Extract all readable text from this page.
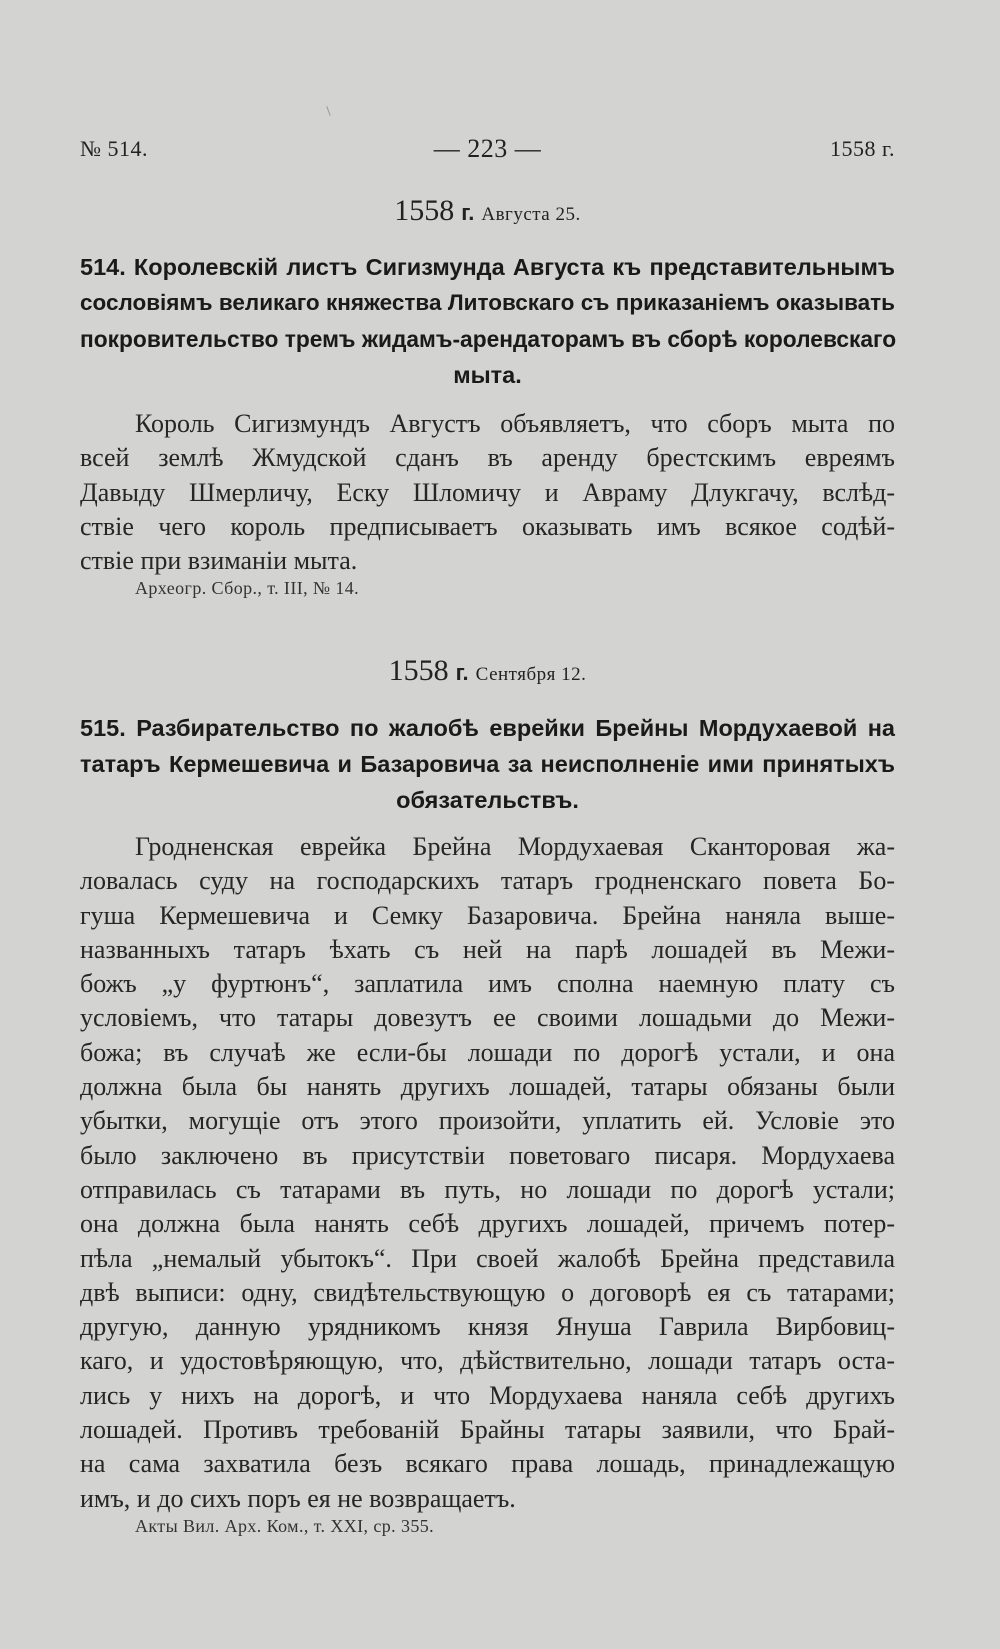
№ 514.	— 223 —	1558 г.
1558 г. Августа 25.
514. Королевскій листъ Сигизмунда Августа къ представительнымъ
сословіямъ великаго княжества Литовскаго съ приказаніемъ оказывать
покровительство тремъ жидамъ-арендаторамъ въ сборѣ королевскаго
мыта.
Король Сигизмундъ Августъ объявляетъ, что сборъ мыта по
всей землѣ Жмудской сданъ въ аренду брестскимъ евреямъ
Давыду Шмерличу, Еску Шломичу и Авраму Длукгачу, вслѣд-
ствіе чего король предписываетъ оказывать имъ всякое содѣй-
ствіе при взиманіи мыта.
Археогр. Сбор., т. III, № 14.
1558 г. Сентября 12.
515. Разбирательство по жалобѣ еврейки Брейны Мордухаевой на
татаръ Кермешевича и Базаровича за неисполненіе ими принятыхъ
обязательствъ.
Гродненская еврейка Брейна Мордухаевая Сканторовая жа-
ловалась суду на господарскихъ татаръ гродненскаго повета Бо-
гуша Кермешевича и Семку Базаровича. Брейна наняла выше-
названныхъ татаръ ѣхать съ ней на парѣ лошадей въ Межи-
божъ „у фуртюнъ“, заплатила имъ сполна наемную плату съ
условіемъ, что татары довезутъ ее своими лошадьми до Межи-
божа; въ случаѣ же если-бы лошади по дорогѣ устали, и она
должна была бы нанять другихъ лошадей, татары обязаны были
убытки, могущіе отъ этого произойти, уплатить ей. Условіе это
было заключено въ присутствіи поветоваго писаря. Мордухаева
отправилась съ татарами въ путь, но лошади по дорогѣ устали;
она должна была нанять себѣ другихъ лошадей, причемъ потер-
пѣла „немалый убытокъ“. При своей жалобѣ Брейна представила
двѣ выписи: одну, свидѣтельствующую о договорѣ ея съ татарами;
другую, данную урядникомъ князя Януша Гаврила Вирбовиц-
каго, и удостовѣряющую, что, дѣйствительно, лошади татаръ оста-
лись у нихъ на дорогѣ, и что Мордухаева наняла себѣ другихъ
лошадей. Противъ требованій Брайны татары заявили, что Брай-
на сама захватила безъ всякаго права лошадь, принадлежащую
имъ, и до сихъ поръ ея не возвращаетъ.
Акты Вил. Арх. Ком., т. XXI, ср. 355.
